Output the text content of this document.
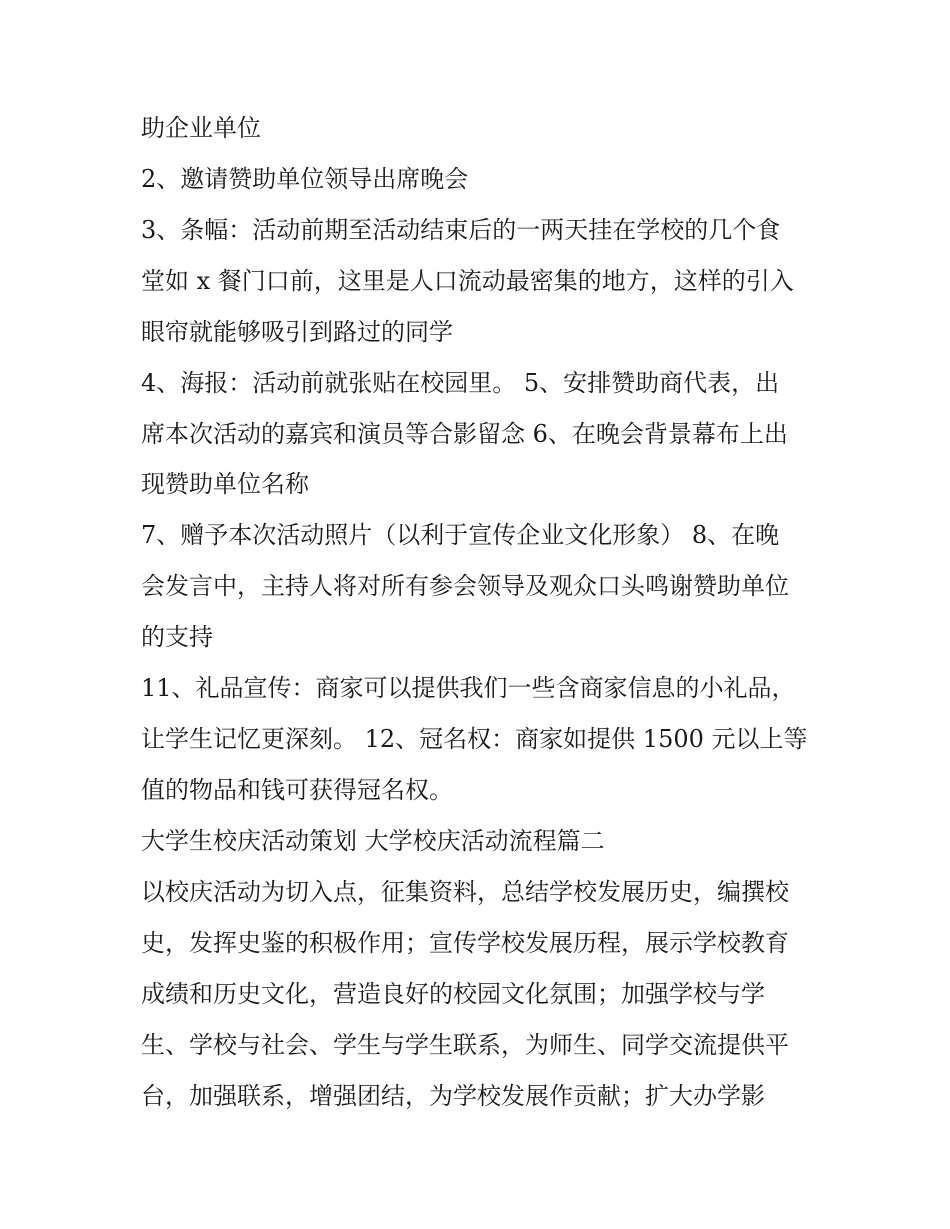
助企业单位
2、邀请赞助单位领导出席晚会
3、条幅：活动前期至活动结束后的一两天挂在学校的几个食
堂如 x 餐门口前，这里是人口流动最密集的地方，这样的引入
眼帘就能够吸引到路过的同学
4、海报：活动前就张贴在校园里。 5、安排赞助商代表，出
席本次活动的嘉宾和演员等合影留念 6、在晚会背景幕布上出
现赞助单位名称
7、赠予本次活动照片（以利于宣传企业文化形象） 8、在晚
会发言中，主持人将对所有参会领导及观众口头鸣谢赞助单位
的支持
11、礼品宣传：商家可以提供我们一些含商家信息的小礼品，
让学生记忆更深刻。 12、冠名权：商家如提供 1500 元以上等
值的物品和钱可获得冠名权。
大学生校庆活动策划 大学校庆活动流程篇二
以校庆活动为切入点，征集资料，总结学校发展历史，编撰校
史，发挥史鉴的积极作用；宣传学校发展历程，展示学校教育
成绩和历史文化，营造良好的校园文化氛围；加强学校与学
生、学校与社会、学生与学生联系，为师生、同学交流提供平
台，加强联系，增强团结，为学校发展作贡献；扩大办学影
